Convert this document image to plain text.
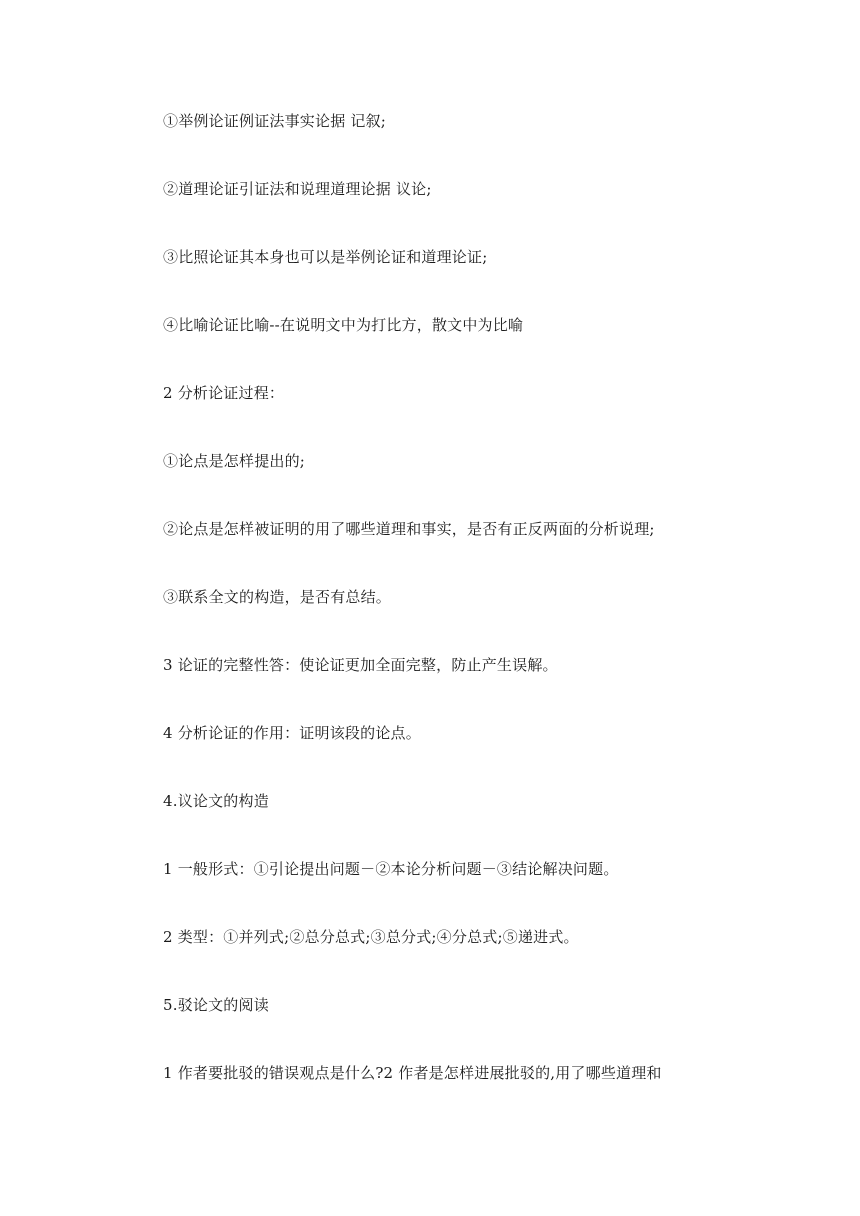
①举例论证例证法事实论据 记叙;
②道理论证引证法和说理道理论据 议论;
③比照论证其本身也可以是举例论证和道理论证;
④比喻论证比喻--在说明文中为打比方，散文中为比喻
2 分析论证过程：
①论点是怎样提出的;
②论点是怎样被证明的用了哪些道理和事实，是否有正反两面的分析说理;
③联系全文的构造，是否有总结。
3 论证的完整性答：使论证更加全面完整，防止产生误解。
4 分析论证的作用：证明该段的论点。
4.议论文的构造
1 一般形式：①引论提出问题－②本论分析问题－③结论解决问题。
2 类型：①并列式;②总分总式;③总分式;④分总式;⑤递进式。
5.驳论文的阅读
1 作者要批驳的错误观点是什么?2 作者是怎样进展批驳的,用了哪些道理和
